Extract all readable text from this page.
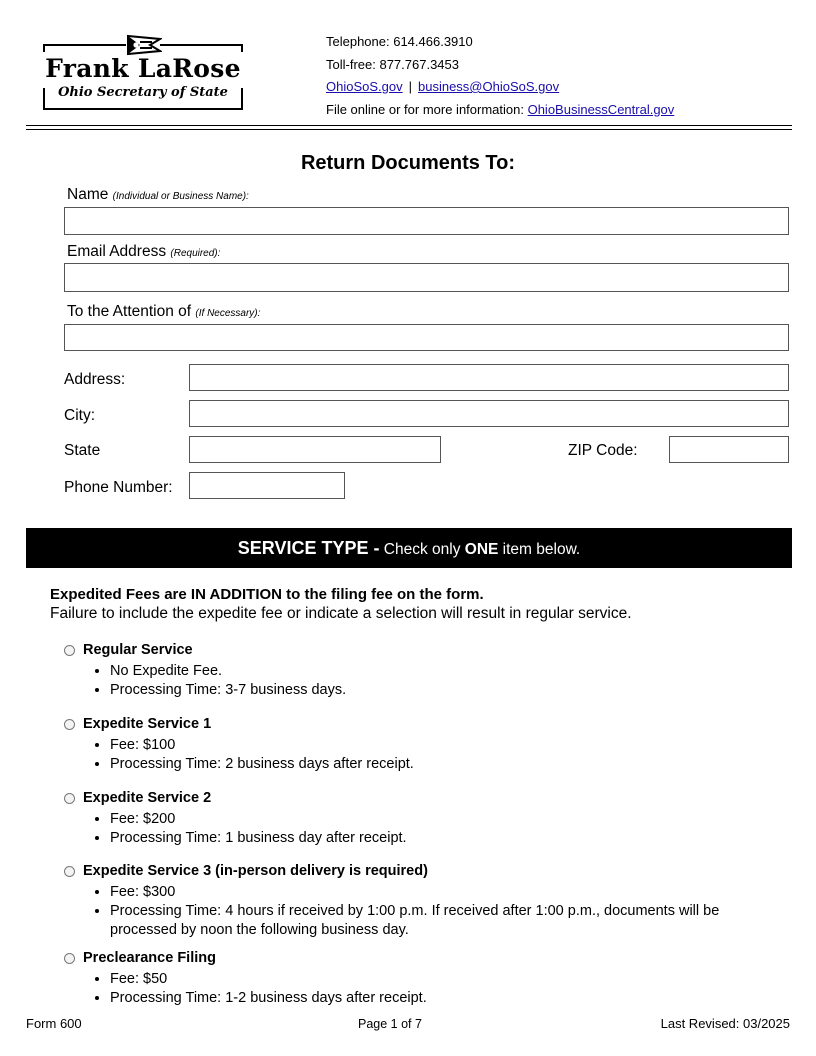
Frank LaRose
Ohio Secretary of State
Telephone: 614.466.3910
Toll-free: 877.767.3453
OhioSoS.gov | business@OhioSoS.gov
File online or for more information: OhioBusinessCentral.gov
Return Documents To:
Name (Individual or Business Name):
Email Address (Required):
To the Attention of (If Necessary):
Address:
City:
State	ZIP Code:
Phone Number:
SERVICE TYPE - Check only ONE item below.
Expedited Fees are IN ADDITION to the filing fee on the form.
Failure to include the expedite fee or indicate a selection will result in regular service.
Regular Service
• No Expedite Fee.
• Processing Time: 3-7 business days.
Expedite Service 1
• Fee: $100
• Processing Time: 2 business days after receipt.
Expedite Service 2
• Fee: $200
• Processing Time: 1 business day after receipt.
Expedite Service 3 (in-person delivery is required)
• Fee: $300
• Processing Time: 4 hours if received by 1:00 p.m. If received after 1:00 p.m., documents will be processed by noon the following business day.
Preclearance Filing
• Fee: $50
• Processing Time: 1-2 business days after receipt.
Form 600	Page 1 of 7	Last Revised: 03/2025
